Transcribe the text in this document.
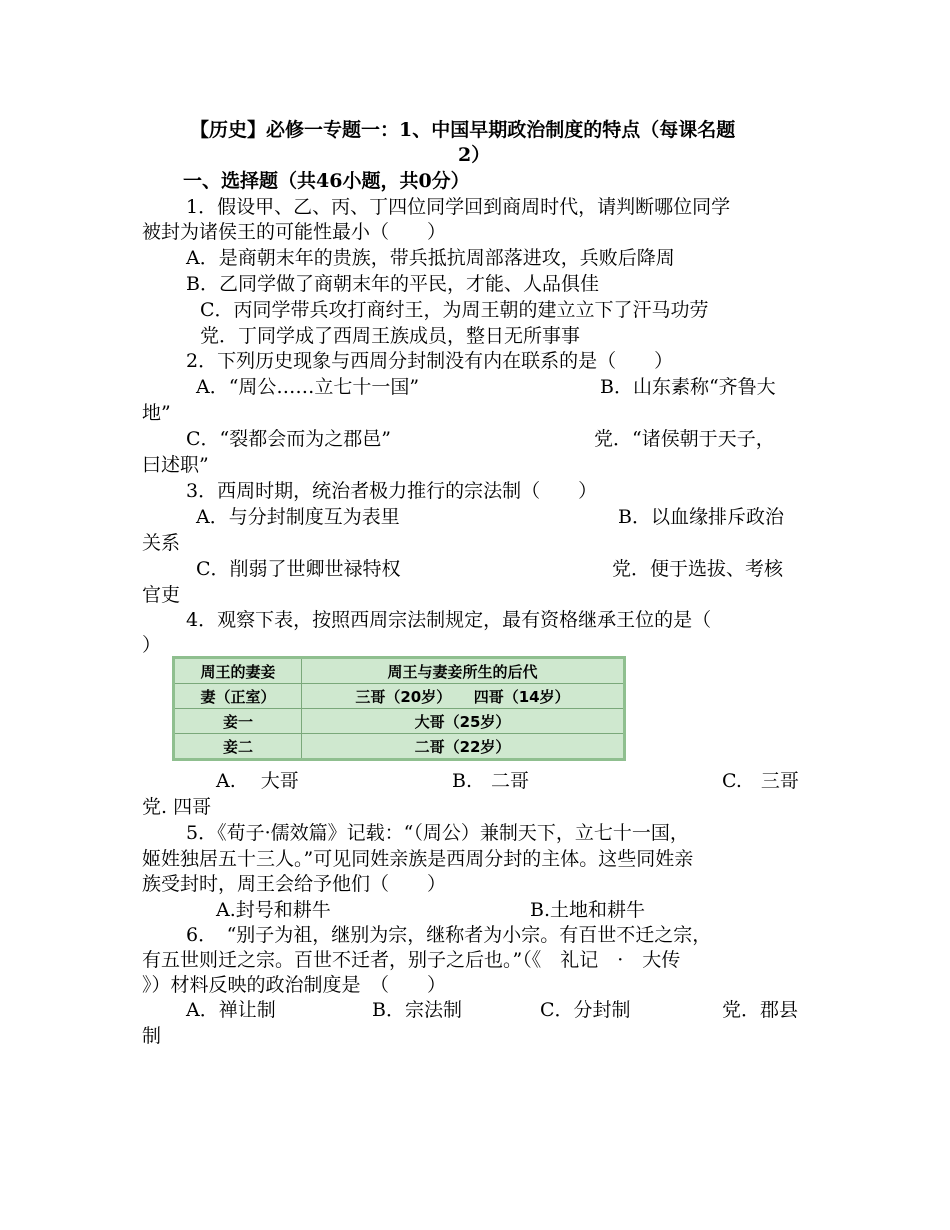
【历史】必修一专题一：1、中国早期政治制度的特点（每课名题
2）
一、选择题（共46小题，共0分）
1．假设甲、乙、丙、丁四位同学回到商周时代，请判断哪位同学
被封为诸侯王的可能性最小（　　）
A．是商朝末年的贵族，带兵抵抗周部落进攻，兵败后降周
B．乙同学做了商朝末年的平民，才能、人品俱佳
C．丙同学带兵攻打商纣王，为周王朝的建立立下了汗马功劳
党．丁同学成了西周王族成员，整日无所事事
2．下列历史现象与西周分封制没有内在联系的是（　　）
A．“周公……立七十一国”	B．山东素称“齐鲁大
地”
C．“裂都会而为之郡邑”	党．“诸侯朝于天子，
曰述职”
3．西周时期，统治者极力推行的宗法制（　　）
A．与分封制度互为表里	B．以血缘排斥政治
关系
C．削弱了世卿世禄特权	党．便于选拔、考核
官吏
4．观察下表，按照西周宗法制规定，最有资格继承王位的是（
）
周王的妻妾	周王与妻妾所生的后代
妻（正室）	三哥（20岁）　　四哥（14岁）
妾一	大哥（25岁）
妾二	二哥（22岁）
A.　 大哥	B.　二哥	C.　三哥
党. 四哥
5．《荀子·儒效篇》记载：“（周公）兼制天下，立七十一国，
姬姓独居五十三人。”可见同姓亲族是西周分封的主体。这些同姓亲
族受封时，周王会给予他们（　　）
A.封号和耕牛	B.土地和耕牛
6．　“别子为祖，继别为宗，继称者为小宗。有百世不迁之宗，
有五世则迁之宗。百世不迁者，别子之后也。”（《　礼记　·　大传
》）材料反映的政治制度是　（　　）
A．禅让制	B．宗法制	C．分封制	党．郡县
制
